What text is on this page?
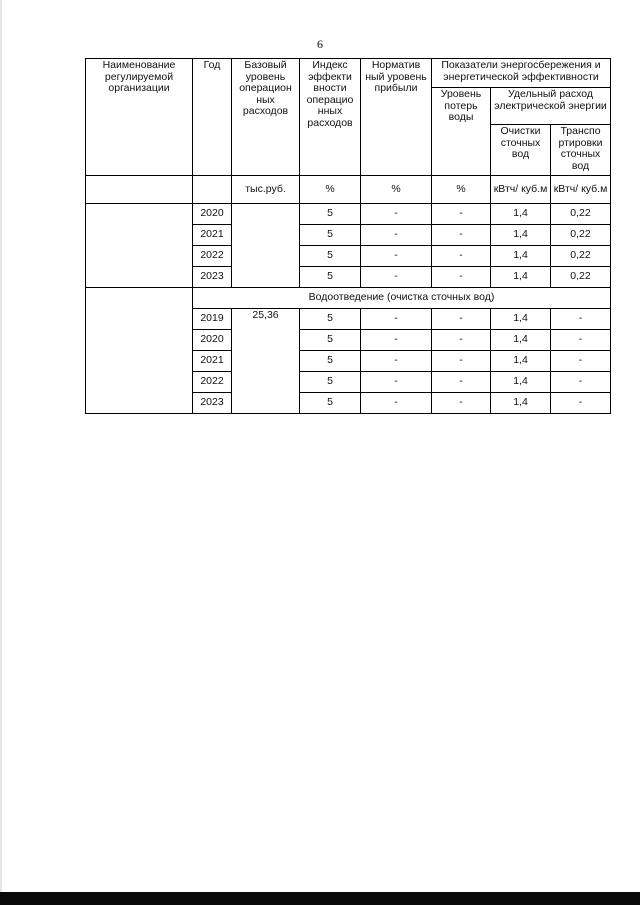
6
Наименование регулируемой организации	Год	Базовый уровень операцион ных расходов	Индекс эффекти вности операцио нных расходов	Норматив ный уровень прибыли	Показатели энергосбережения и энергетической эффективности		
					Уровень потерь воды	Удельный расход электрической энергии	
						Очистки сточных вод	Транспо ртировки сточных вод
		тыс.руб.	%	%	%	кВтч/ куб.м	кВтч/ куб.м
	2020		5	-	-	1,4	0,22
	2021		5	-	-	1,4	0,22
	2022		5	-	-	1,4	0,22
	2023		5	-	-	1,4	0,22
	Водоотведение (очистка сточных вод)						
	2019	25,36	5	-	-	1,4	-
	2020		5	-	-	1,4	-
	2021		5	-	-	1,4	-
	2022		5	-	-	1,4	-
	2023		5	-	-	1,4	-
